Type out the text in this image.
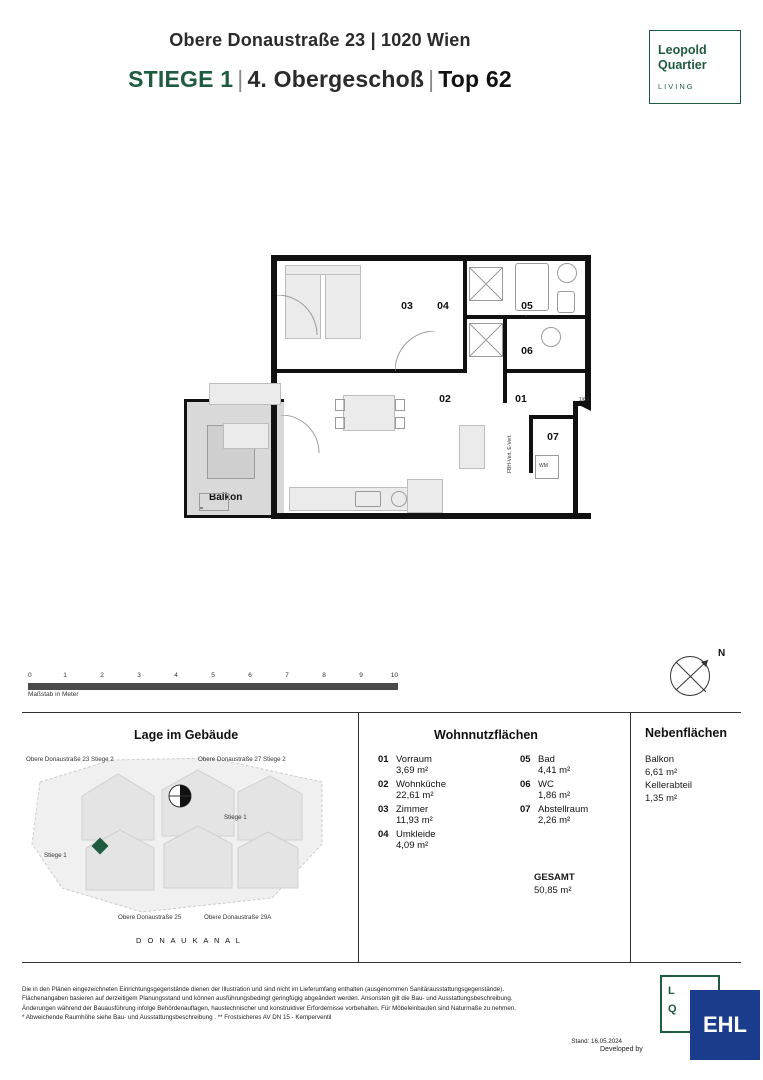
Obere Donaustraße 23 | 1020 Wien
STIEGE 1 | 4. Obergeschoß | Top 62
Leopold
Quartier
LIVING
Balkon
**
WM
FBH-Vert. E-Vert.
1/62
03	04	05
*
06
01
02
07
0	1	2	3	4	5	6	7	8	9	10
Maßstab in Meter
N
Lage im Gebäude
Obere Donaustraße 23 Stiege 2	Obere Donaustraße 27 Stiege 2
Stiege 1
Stiege 1
Obere Donaustraße 25	Obere Donaustraße 29A
D O N A U K A N A L
Wohnnutzflächen
01 Vorraum
3,69 m²
02 Wohnküche
22,61 m²
03 Zimmer
11,93 m²
04 Umkleide
4,09 m²
05 Bad
4,41 m²
06 WC
1,86 m²
07 Abstellraum
2,26 m²
GESAMT
50,85 m²
Nebenflächen
Balkon
6,61 m²
Kellerabteil
1,35 m²
Die in den Plänen eingezeichneten Einrichtungsgegenstände dienen der Illustration und sind nicht im Lieferumfang enthalten (ausgenommen Sanitärausstattungsgegenstände).
Flächenangaben basieren auf derzeitigem Planungsstand und können ausführungsbedingt geringfügig abgeändert werden. Ansonsten gilt die Bau- und Ausstattungsbeschreibung.
Änderungen während der Bauausführung infolge Behördenauflagen, haustechnischer und konstruktiver Erfordernisse vorbehalten. Für Möbeleinbauten sind Naturmaße zu nehmen.
* Abweichende Raumhöhe siehe Bau- und Ausstattungsbeschreibung . ** Frostsicheres AV DN 15 - Kemperventil
Stand: 16.05.2024
L
Q
Developed by
EHL
